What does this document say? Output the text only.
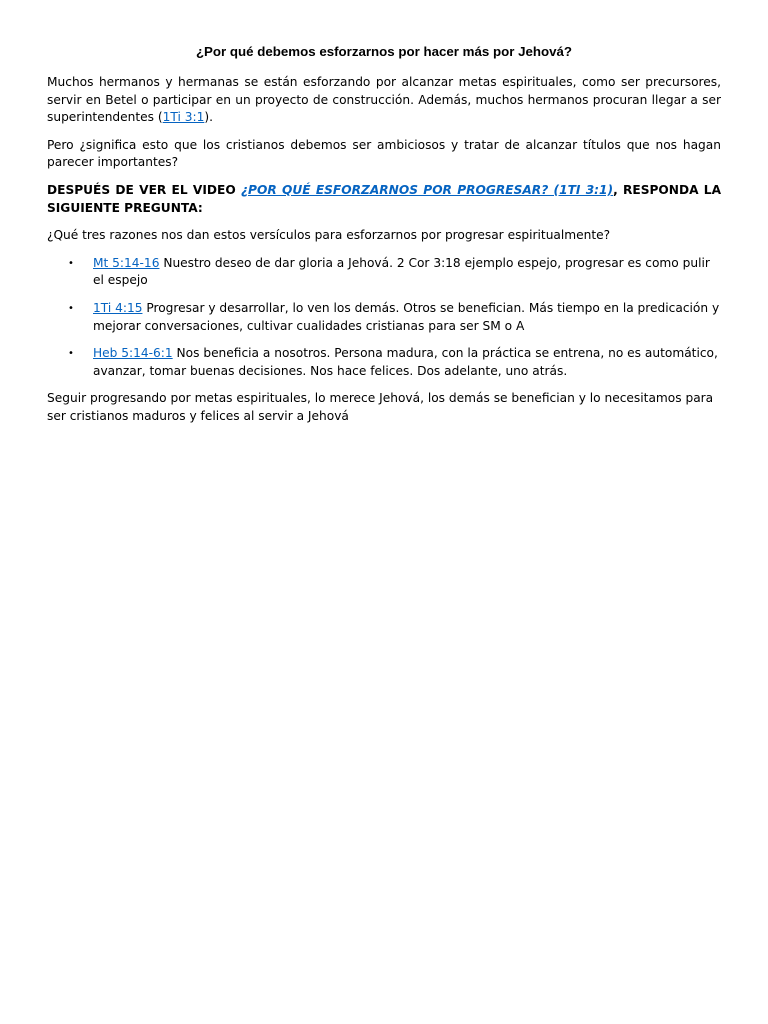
¿Por qué debemos esforzarnos por hacer más por Jehová?

Muchos hermanos y hermanas se están esforzando por alcanzar metas espirituales, como ser precursores, servir en Betel o participar en un proyecto de construcción. Además, muchos hermanos procuran llegar a ser superintendentes (1Ti 3:1).

Pero ¿significa esto que los cristianos debemos ser ambiciosos y tratar de alcanzar títulos que nos hagan parecer importantes?

DESPUÉS DE VER EL VIDEO ¿POR QUÉ ESFORZARNOS POR PROGRESAR? (1TI 3:1), RESPONDA LA SIGUIENTE PREGUNTA:

¿Qué tres razones nos dan estos versículos para esforzarnos por progresar espiritualmente?

• Mt 5:14-16 Nuestro deseo de dar gloria a Jehová. 2 Cor 3:18 ejemplo espejo, progresar es como pulir el espejo
• 1Ti 4:15 Progresar y desarrollar, lo ven los demás. Otros se benefician. Más tiempo en la predicación y mejorar conversaciones, cultivar cualidades cristianas para ser SM o A
• Heb 5:14-6:1 Nos beneficia a nosotros. Persona madura, con la práctica se entrena, no es automático, avanzar, tomar buenas decisiones. Nos hace felices. Dos adelante, uno atrás.

Seguir progresando por metas espirituales, lo merece Jehová, los demás se benefician y lo necesitamos para ser cristianos maduros y felices al servir a Jehová
